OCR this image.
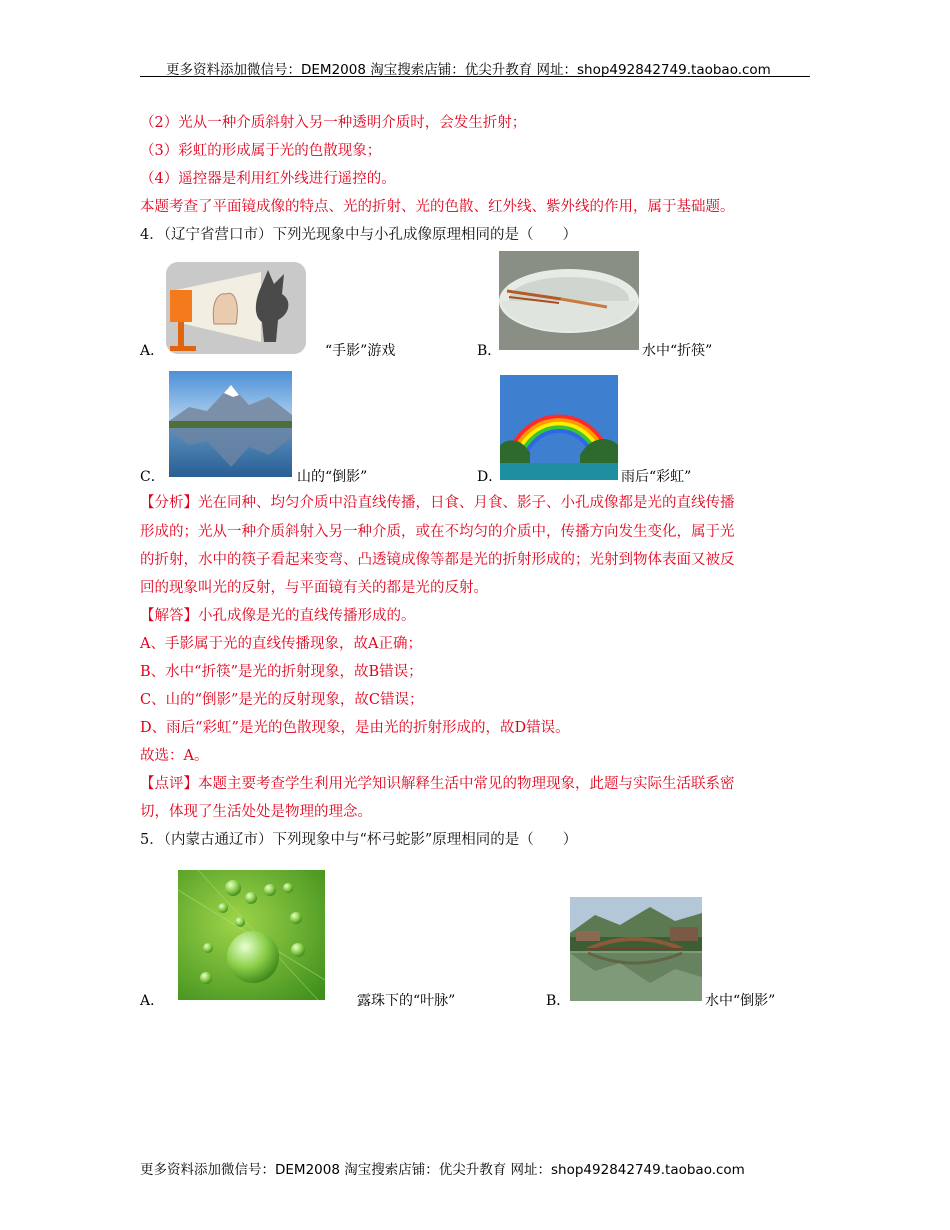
更多资料添加微信号：DEM2008 淘宝搜索店铺：优尖升教育 网址：shop492842749.taobao.com
（2）光从一种介质斜射入另一种透明介质时，会发生折射；
（3）彩虹的形成属于光的色散现象；
（4）遥控器是利用红外线进行遥控的。
本题考查了平面镜成像的特点、光的折射、光的色散、红外线、紫外线的作用，属于基础题。
4．（辽宁省营口市）下列光现象中与小孔成像原理相同的是（　　）
A．	“手影”游戏	B．	水中“折筷”
C．	山的“倒影”	D．	雨后“彩虹”
【分析】光在同种、均匀介质中沿直线传播，日食、月食、影子、小孔成像都是光的直线传播
形成的；光从一种介质斜射入另一种介质，或在不均匀的介质中，传播方向发生变化，属于光
的折射，水中的筷子看起来变弯、凸透镜成像等都是光的折射形成的；光射到物体表面又被反
回的现象叫光的反射，与平面镜有关的都是光的反射。
【解答】小孔成像是光的直线传播形成的。
A、手影属于光的直线传播现象，故A正确；
B、水中“折筷”是光的折射现象，故B错误；
C、山的“倒影”是光的反射现象，故C错误；
D、雨后“彩虹”是光的色散现象，是由光的折射形成的，故D错误。
故选：A。
【点评】本题主要考查学生利用光学知识解释生活中常见的物理现象，此题与实际生活联系密
切，体现了生活处处是物理的理念。
5．（内蒙古通辽市）下列现象中与“杯弓蛇影”原理相同的是（　　）
A．	露珠下的“叶脉”	B．	水中“倒影”
更多资料添加微信号：DEM2008 淘宝搜索店铺：优尖升教育 网址：shop492842749.taobao.com
